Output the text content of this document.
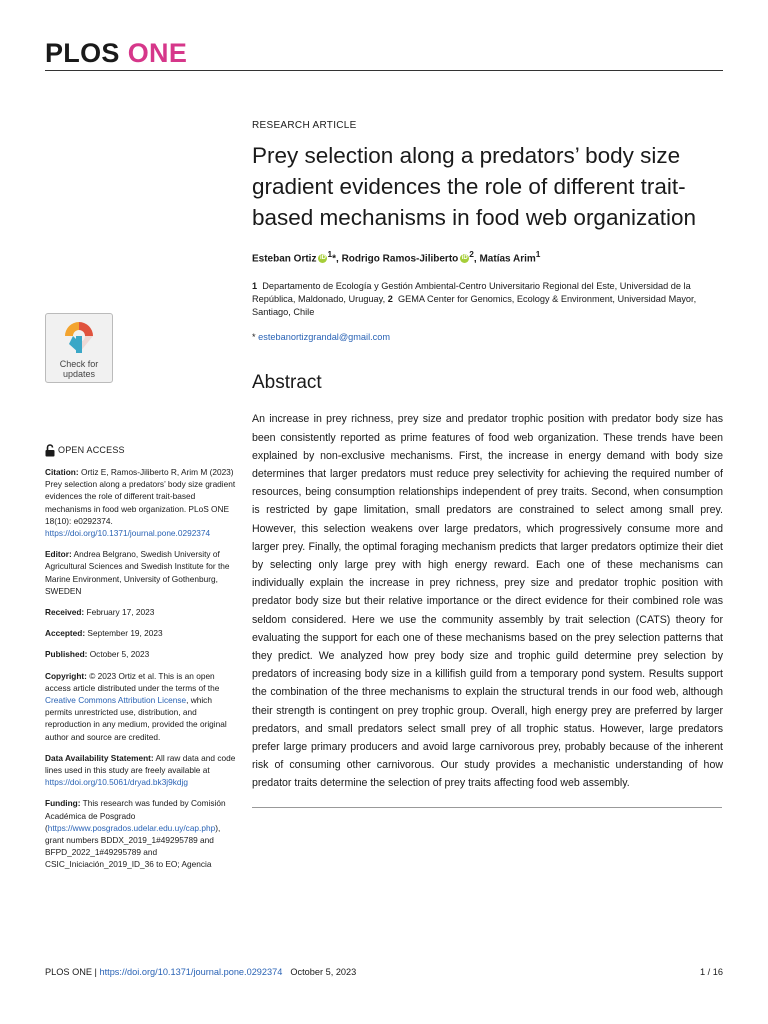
PLOS ONE
Check for
updates
RESEARCH ARTICLE
Prey selection along a predators’ body size gradient evidences the role of different trait-based mechanisms in food web organization
Esteban Ortiz iD $^1$*, Rodrigo Ramos-Jiliberto iD $^2$, Matías Arim$^1$
1 Departamento de Ecología y Gestión Ambiental-Centro Universitario Regional del Este, Universidad de la República, Maldonado, Uruguay, 2 GEMA Center for Genomics, Ecology & Environment, Universidad Mayor, Santiago, Chile
* estebanortizgrandal@gmail.com
Abstract

An increase in prey richness, prey size and predator trophic position with predator body size has been consistently reported as prime features of food web organization. These trends have been explained by non-exclusive mechanisms. First, the increase in energy demand with body size determines that larger predators must reduce prey selectivity for achieving the required number of resources, being consumption relationships independent of prey traits. Second, when consumption is restricted by gape limitation, small predators are constrained to select among small prey. However, this selection weakens over large predators, which progressively consume more and larger prey. Finally, the optimal foraging mechanism predicts that larger predators optimize their diet by selecting only large prey with high energy reward. Each one of these mechanisms can individually explain the increase in prey richness, prey size and predator trophic position with predator body size but their relative importance or the direct evidence for their combined role was seldom considered. Here we use the community assembly by trait selection (CATS) theory for evaluating the support for each one of these mechanisms based on the prey selection patterns that they predict. We analyzed how prey body size and trophic guild determine prey selection by predators of increasing body size in a killifish guild from a temporary pond system. Results support the combination of the three mechanisms to explain the structural trends in our food web, although their strength is contingent on prey trophic group. Overall, high energy prey are preferred by larger predators, and small predators select small prey of all trophic status. However, large predators prefer large primary producers and avoid large carnivorous prey, probably because of the inherent risk of consuming other carnivorous. Our study provides a mechanistic understanding of how predator traits determine the selection of prey traits affecting food web assembly.

OPEN ACCESS

Citation: Ortiz E, Ramos-Jiliberto R, Arim M (2023) Prey selection along a predators’ body size gradient evidences the role of different trait-based mechanisms in food web organization. PLoS ONE 18(10): e0292374. https://doi.org/10.1371/journal.pone.0292374

Editor: Andrea Belgrano, Swedish University of Agricultural Sciences and Swedish Institute for the Marine Environment, University of Gothenburg, SWEDEN

Received: February 17, 2023

Accepted: September 19, 2023

Published: October 5, 2023

Copyright: © 2023 Ortiz et al. This is an open access article distributed under the terms of the Creative Commons Attribution License, which permits unrestricted use, distribution, and reproduction in any medium, provided the original author and source are credited.

Data Availability Statement: All raw data and code lines used in this study are freely available at https://doi.org/10.5061/dryad.bk3j9kdjg

Funding: This research was funded by Comisión Académica de Posgrado (https://www.posgrados.udelar.edu.uy/cap.php), grant numbers BDDX_2019_1#49295789 and BFPD_2022_1#49295789 and CSIC_Iniciación_2019_ID_36 to EO; Agencia

PLOS ONE | https://doi.org/10.1371/journal.pone.0292374 October 5, 2023	1 / 16
